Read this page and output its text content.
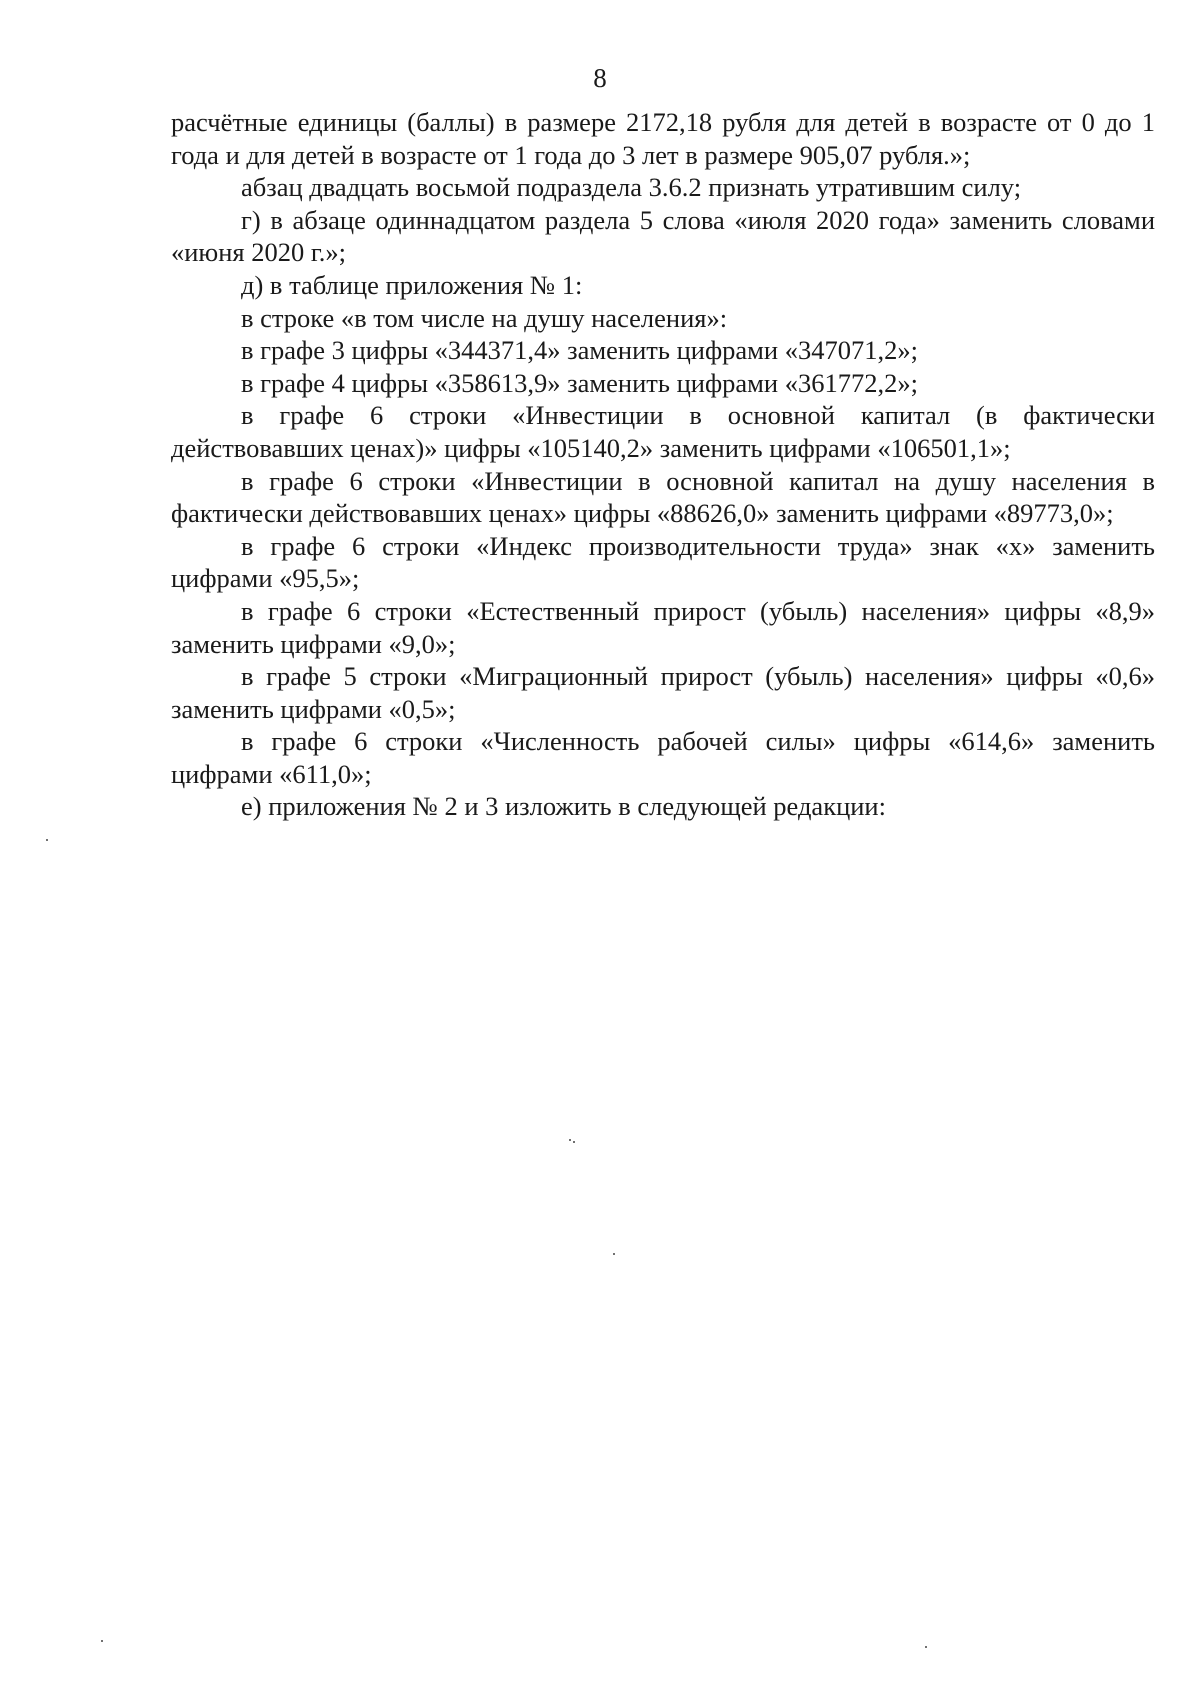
8

расчётные единицы (баллы) в размере 2172,18 рубля для детей в возрасте от 0 до 1 года и для детей в возрасте от 1 года до 3 лет в размере 905,07 рубля.»;

абзац двадцать восьмой подраздела 3.6.2 признать утратившим силу;

г) в абзаце одиннадцатом раздела 5 слова «июля 2020 года» заменить словами «июня 2020 г.»;

д) в таблице приложения № 1:

в строке «в том числе на душу населения»:

в графе 3 цифры «344371,4» заменить цифрами «347071,2»;

в графе 4 цифры «358613,9» заменить цифрами «361772,2»;

в графе 6 строки «Инвестиции в основной капитал (в фактически действовавших ценах)» цифры «105140,2» заменить цифрами «106501,1»;

в графе 6 строки «Инвестиции в основной капитал на душу населения в фактически действовавших ценах» цифры «88626,0» заменить цифрами «89773,0»;

в графе 6 строки «Индекс производительности труда» знак «х» заменить цифрами «95,5»;

в графе 6 строки «Естественный прирост (убыль) населения» цифры «8,9» заменить цифрами «9,0»;

в графе 5 строки «Миграционный прирост (убыль) населения» цифры «0,6» заменить цифрами «0,5»;

в графе 6 строки «Численность рабочей силы» цифры «614,6» заменить цифрами «611,0»;

е) приложения № 2 и 3 изложить в следующей редакции:
